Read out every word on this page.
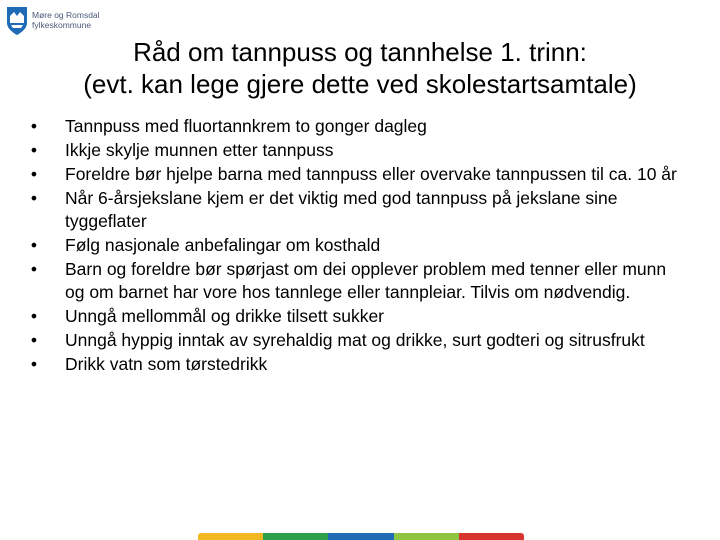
Møre og Romsdal
fylkeskommune
Råd om tannpuss og tannhelse 1. trinn:
(evt. kan lege gjere dette ved skolestartsamtale)
• Tannpuss med fluortannkrem to gonger dagleg
• Ikkje skylje munnen etter tannpuss
• Foreldre bør hjelpe barna med tannpuss eller overvake tannpussen til ca. 10 år
• Når 6-årsjekslane kjem er det viktig med god tannpuss på jekslane sine tyggeflater
• Følg nasjonale anbefalingar om kosthald
• Barn og foreldre bør spørjast om dei opplever problem med tenner eller munn og om barnet har vore hos tannlege eller tannpleiar. Tilvis om nødvendig.
• Unngå mellommål og drikke tilsett sukker
• Unngå hyppig inntak av syrehaldig mat og drikke, surt godteri og sitrusfrukt
• Drikk vatn som tørstedrikk
